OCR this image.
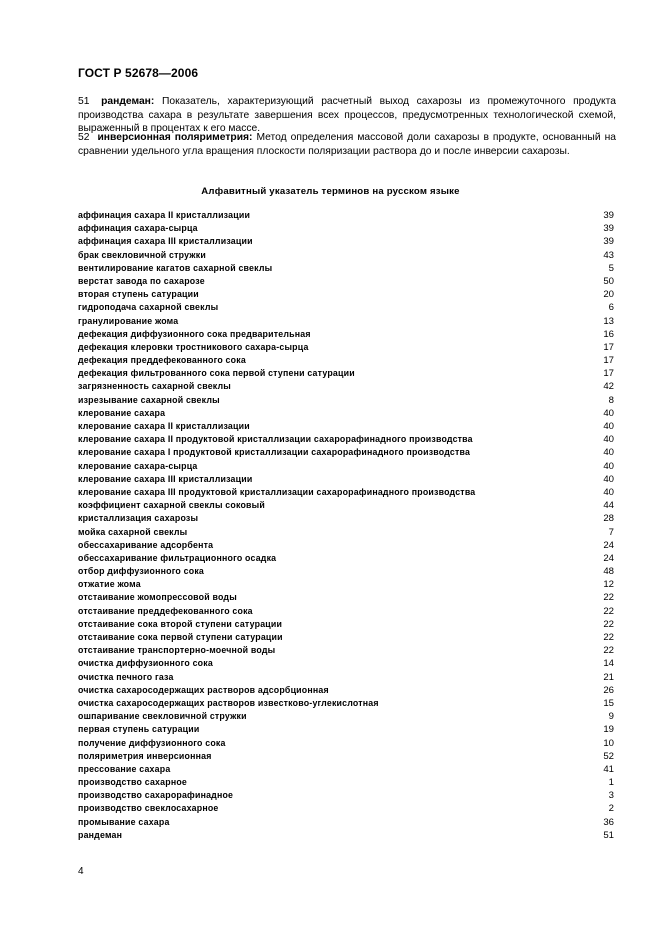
ГОСТ Р 52678—2006
51 рандеман: Показатель, характеризующий расчетный выход сахарозы из промежуточного продукта производства сахара в результате завершения всех процессов, предусмотренных технологической схемой, выраженный в процентах к его массе.
52 инверсионная поляриметрия: Метод определения массовой доли сахарозы в продукте, основанный на сравнении удельного угла вращения плоскости поляризации раствора до и после инверсии сахарозы.
Алфавитный указатель терминов на русском языке
аффинация сахара II кристаллизации	39
аффинация сахара-сырца	39
аффинация сахара III кристаллизации	39
брак свекловичной стружки	43
вентилирование кагатов сахарной свеклы	5
верстат завода по сахарозе	50
вторая ступень сатурации	20
гидроподача сахарной свеклы	6
гранулирование жома	13
дефекация диффузионного сока предварительная	16
дефекация клеровки тростникового сахара-сырца	17
дефекация преддефекованного сока	17
дефекация фильтрованного сока первой ступени сатурации	17
загрязненность сахарной свеклы	42
изрезывание сахарной свеклы	8
клерование сахара	40
клерование сахара II кристаллизации	40
клерование сахара II продуктовой кристаллизации сахарорафинадного производства	40
клерование сахара I продуктовой кристаллизации сахарорафинадного производства	40
клерование сахара-сырца	40
клерование сахара III кристаллизации	40
клерование сахара III продуктовой кристаллизации сахарорафинадного производства	40
коэффициент сахарной свеклы соковый	44
кристаллизация сахарозы	28
мойка сахарной свеклы	7
обессахаривание адсорбента	24
обессахаривание фильтрационного осадка	24
отбор диффузионного сока	48
отжатие жома	12
отстаивание жомопрессовой воды	22
отстаивание преддефекованного сока	22
отстаивание сока второй ступени сатурации	22
отстаивание сока первой ступени сатурации	22
отстаивание транспортерно-моечной воды	22
очистка диффузионного сока	14
очистка печного газа	21
очистка сахаросодержащих растворов адсорбционная	26
очистка сахаросодержащих растворов известково-углекислотная	15
ошпаривание свекловичной стружки	9
первая ступень сатурации	19
получение диффузионного сока	10
поляриметрия инверсионная	52
прессование сахара	41
производство сахарное	1
производство сахарорафинадное	3
производство свеклосахарное	2
промывание сахара	36
рандеман	51
4
